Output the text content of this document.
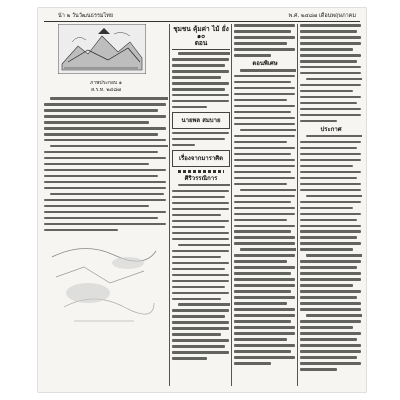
น้า ๒ วันวัฒนธรรมไทย	พ.ศ. ๒๔๘๗ เดือนพฤษภาคม
ภาพประกอบ ๑
ส.ร.ท. ๒๔๘๗
ชุมชน คุ้มค่า ไม้ ยั่ง ๑๐
ตอน
นายพล สมบาย
เรื่องจากมาราศิต
ศิริวรรณิการ
ตอนพิเศษ
ประกาศ
